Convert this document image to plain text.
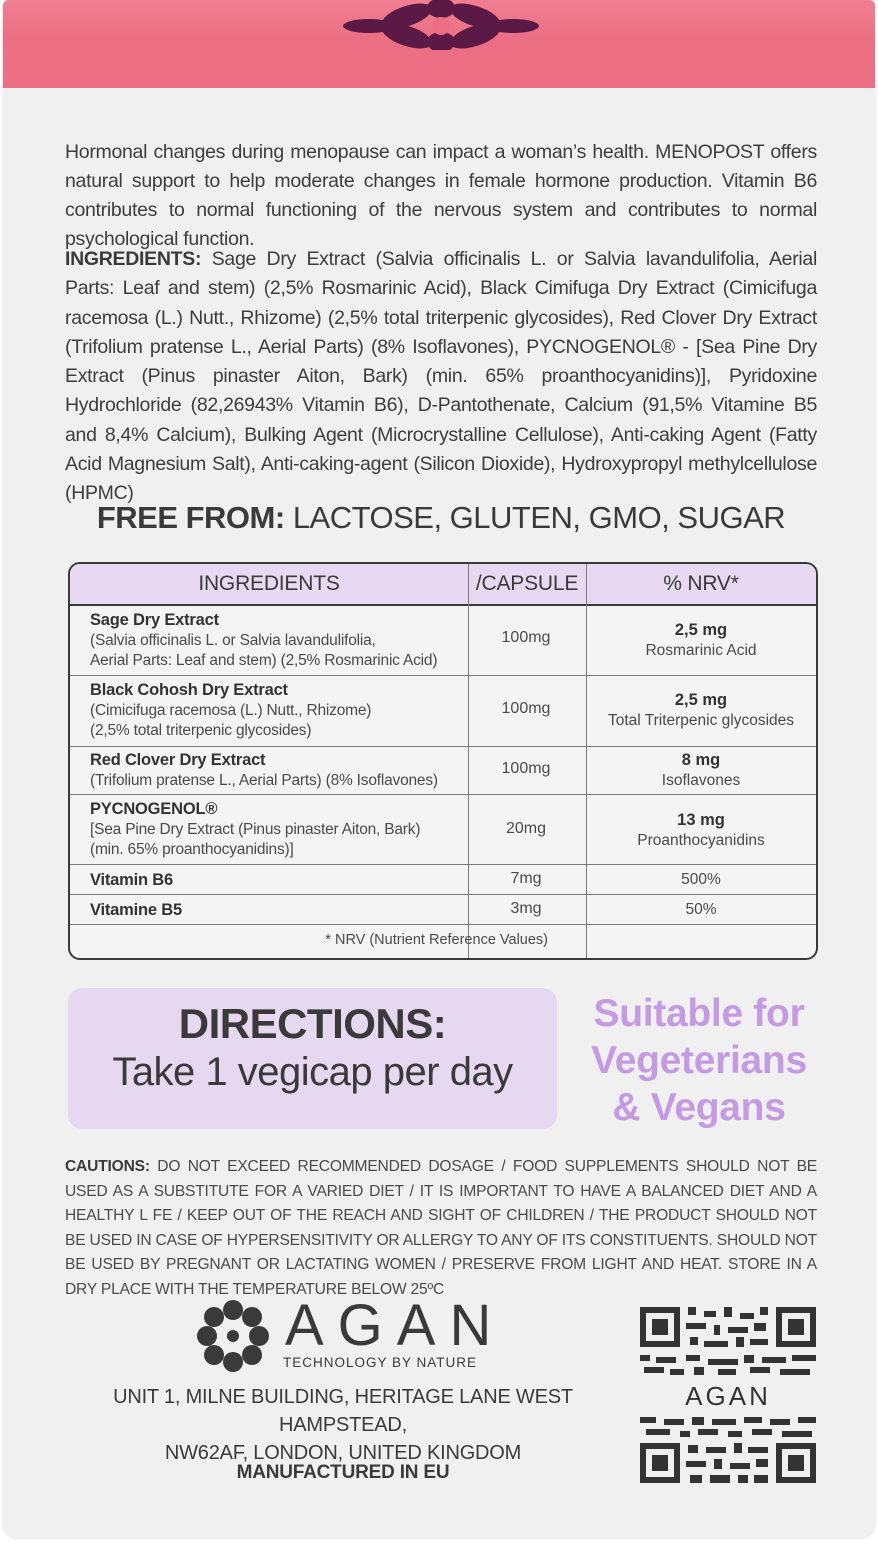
Hormonal changes during menopause can impact a woman’s health. MENOPOST offers natural support to help moderate changes in female hormone production. Vitamin B6 contributes to normal functioning of the nervous system and contributes to normal psychological function.
INGREDIENTS: Sage Dry Extract (Salvia officinalis L. or Salvia lavandulifolia, Aerial Parts: Leaf and stem) (2,5% Rosmarinic Acid), Black Cimifuga Dry Extract (Cimicifuga racemosa (L.) Nutt., Rhizome) (2,5% total triterpenic glycosides), Red Clover Dry Extract (Trifolium pratense L., Aerial Parts) (8% Isoflavones), PYCNOGENOL® - [Sea Pine Dry Extract (Pinus pinaster Aiton, Bark) (min. 65% proanthocyanidins)], Pyridoxine Hydrochloride (82,26943% Vitamin B6), D-Pantothenate, Calcium (91,5% Vitamine B5 and 8,4% Calcium), Bulking Agent (Microcrystalline Cellulose), Anti-caking Agent (Fatty Acid Magnesium Salt), Anti-caking-agent (Silicon Dioxide), Hydroxypropyl methylcellulose (HPMC)
FREE FROM: LACTOSE, GLUTEN, GMO, SUGAR
INGREDIENTS	/CAPSULE	% NRV*
Sage Dry Extract
(Salvia officinalis L. or Salvia lavandulifolia,
Aerial Parts: Leaf and stem) (2,5% Rosmarinic Acid)
100mg	2,5 mg
Rosmarinic Acid
Black Cohosh Dry Extract
(Cimicifuga racemosa (L.) Nutt., Rhizome)
(2,5% total triterpenic glycosides)
100mg	2,5 mg
Total Triterpenic glycosides
Red Clover Dry Extract
(Trifolium pratense L., Aerial Parts) (8% Isoflavones)
100mg	8 mg
Isoflavones
PYCNOGENOL®
[Sea Pine Dry Extract (Pinus pinaster Aiton, Bark)
(min. 65% proanthocyanidins)]
20mg	13 mg
Proanthocyanidins
Vitamin B6	7mg	500%
Vitamine B5	3mg	50%
* NRV (Nutrient Reference Values)
DIRECTIONS:
Take 1 vegicap per day
Suitable for
Vegeterians
& Vegans
CAUTIONS: DO NOT EXCEED RECOMMENDED DOSAGE / FOOD SUPPLEMENTS SHOULD NOT BE USED AS A SUBSTITUTE FOR A VARIED DIET / IT IS IMPORTANT TO HAVE A BALANCED DIET AND A HEALTHY L FE / KEEP OUT OF THE REACH AND SIGHT OF CHILDREN / THE PRODUCT SHOULD NOT BE USED IN CASE OF HYPERSENSITIVITY OR ALLERGY TO ANY OF ITS CONSTITUENTS. SHOULD NOT BE USED BY PREGNANT OR LACTATING WOMEN / PRESERVE FROM LIGHT AND HEAT. STORE IN A DRY PLACE WITH THE TEMPERATURE BELOW 25ºC
AGAN
TECHNOLOGY BY NATURE
UNIT 1, MILNE BUILDING, HERITAGE LANE WEST HAMPSTEAD,
NW62AF, LONDON, UNITED KINGDOM
MANUFACTURED IN EU
AGAN
